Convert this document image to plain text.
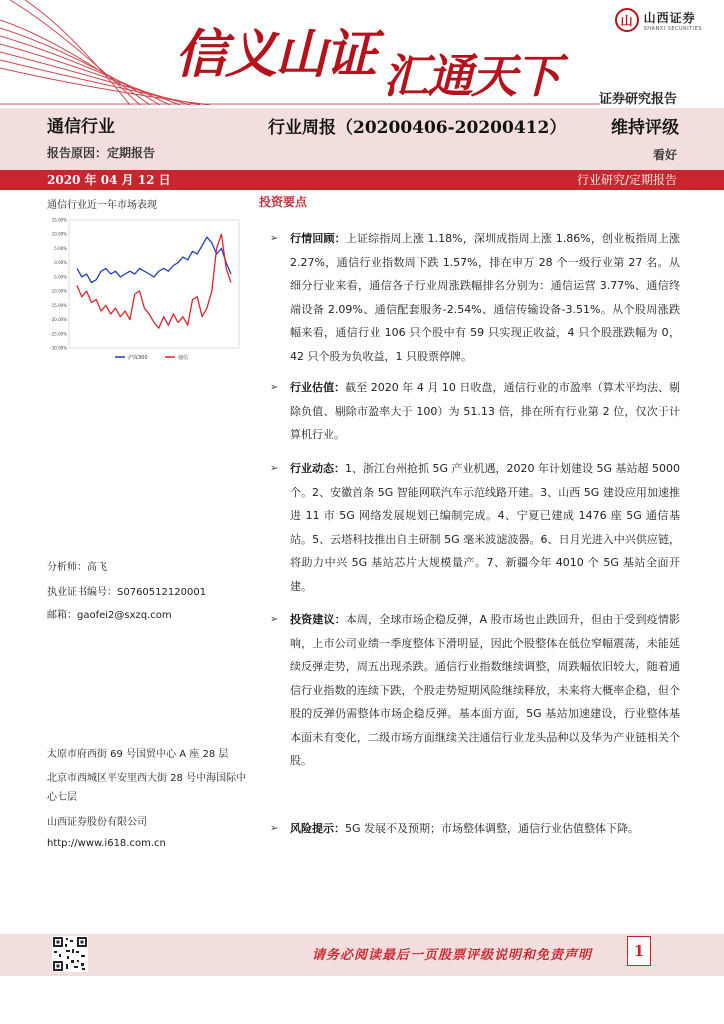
山 山西证券
SHANXI SECURITIES
信义山证 汇通天下	证券研究报告
通信行业	行业周报（20200406-20200412）	维持评级
报告原因：定期报告	看好
2020 年 04 月 12 日	行业研究/定期报告
通信行业近一年市场表现
15.00%
10.00%
5.00%
0.00%
-5.00%
-10.00%
-15.00%
-20.00%
-25.00%
-30.00%
沪深300	通信
分析师：高飞
执业证书编号：S0760512120001
邮箱：gaofei2@sxzq.com
太原市府西街 69 号国贸中心 A 座 28 层
北京市西城区平安里西大街 28 号中海国际中心七层
山西证券股份有限公司
http://www.i618.com.cn
投资要点
➢ 行情回顾：上证综指周上涨 1.18%，深圳成指周上涨 1.86%，创业板指周上涨 2.27%，通信行业指数周下跌 1.57%，排在申万 28 个一级行业第 27 名。从细分行业来看，通信各子行业周涨跌幅排名分别为：通信运营 3.77%、通信终端设备 2.09%、通信配套服务-2.54%、通信传输设备-3.51%。从个股周涨跌幅来看，通信行业 106 只个股中有 59 只实现正收益，4 只个股涨跌幅为 0，42 只个股为负收益，1 只股票停牌。
➢ 行业估值：截至 2020 年 4 月 10 日收盘，通信行业的市盈率（算术平均法、剔除负值、剔除市盈率大于 100）为 51.13 倍，排在所有行业第 2 位，仅次于计算机行业。
➢ 行业动态：1、浙江台州抢抓 5G 产业机遇，2020 年计划建设 5G 基站超 5000 个。2、安徽首条 5G 智能网联汽车示范线路开建。3、山西 5G 建设应用加速推进 11 市 5G 网络发展规划已编制完成。4、宁夏已建成 1476 座 5G 通信基站。5、云塔科技推出自主研制 5G 毫米波滤波器。6、日月光进入中兴供应链，将助力中兴 5G 基站芯片大规模量产。7、新疆今年 4010 个 5G 基站全面开建。
➢ 投资建议：本周，全球市场企稳反弹，A 股市场也止跌回升，但由于受到疫情影响，上市公司业绩一季度整体下滑明显，因此个股整体在低位窄幅震荡，未能延续反弹走势，周五出现杀跌。通信行业指数继续调整，周跌幅依旧较大，随着通信行业指数的连续下跌，个股走势短期风险继续释放，未来将大概率企稳，但个股的反弹仍需整体市场企稳反弹。基本面方面，5G 基站加速建设，行业整体基本面未有变化，二级市场方面继续关注通信行业龙头品种以及华为产业链相关个股。
➢ 风险提示：5G 发展不及预期；市场整体调整，通信行业估值整体下降。
请务必阅读最后一页股票评级说明和免责声明	1
